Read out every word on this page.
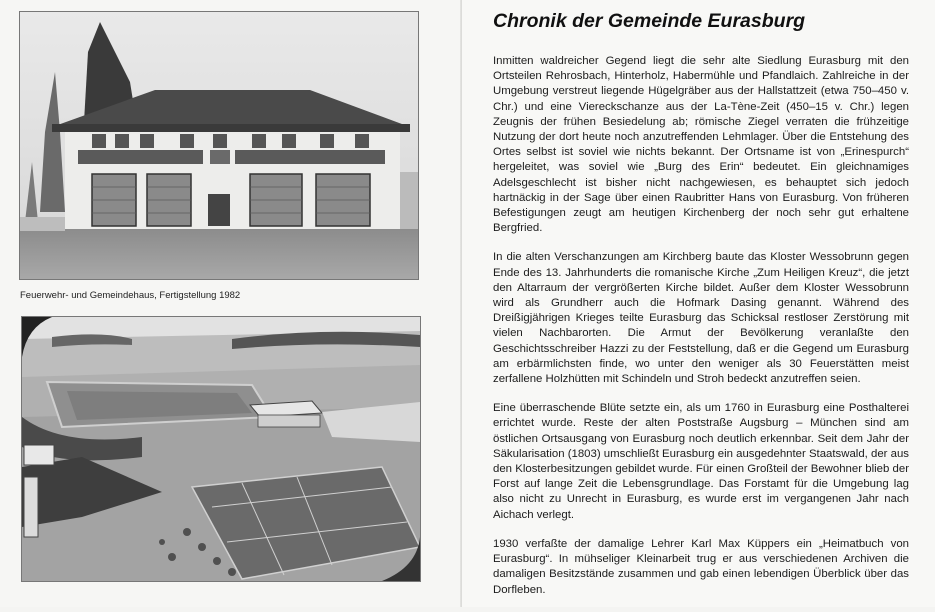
Feuerwehr- und Gemeindehaus, Fertigstellung 1982
Chronik der Gemeinde Eurasburg

Inmitten waldreicher Gegend liegt die sehr alte Siedlung Eurasburg mit den Ortsteilen Rehrosbach, Hinterholz, Habermühle und Pfandlaich. Zahlreiche in der Umgebung verstreut liegende Hügelgräber aus der Hallstattzeit (etwa 750–450 v. Chr.) und eine Viereckschanze aus der La-Tène-Zeit (450–15 v. Chr.) legen Zeugnis der frühen Besiedelung ab; römische Ziegel verraten die frühzeitige Nutzung der dort heute noch anzutreffenden Lehmlager. Über die Entstehung des Ortes selbst ist soviel wie nichts bekannt. Der Ortsname ist von „Erinespurch“ hergeleitet, was soviel wie „Burg des Erin“ bedeutet. Ein gleichnamiges Adelsgeschlecht ist bisher nicht nachgewiesen, es behauptet sich jedoch hartnäckig in der Sage über einen Raubritter Hans von Eurasburg. Von früheren Befestigungen zeugt am heutigen Kirchenberg der noch sehr gut erhaltene Bergfried.

In die alten Verschanzungen am Kirchberg baute das Kloster Wessobrunn gegen Ende des 13. Jahrhunderts die romanische Kirche „Zum Heiligen Kreuz“, die jetzt den Altarraum der vergrößerten Kirche bildet. Außer dem Kloster Wessobrunn wird als Grundherr auch die Hofmark Dasing genannt. Während des Dreißigjährigen Krieges teilte Eurasburg das Schicksal restloser Zerstörung mit vielen Nachbarorten. Die Armut der Bevölkerung veranlaßte den Geschichtsschreiber Hazzi zu der Feststellung, daß er die Gegend um Eurasburg am erbärmlichsten finde, wo unter den weniger als 30 Feuerstätten meist zerfallene Holzhütten mit Schindeln und Stroh bedeckt anzutreffen seien.

Eine überraschende Blüte setzte ein, als um 1760 in Eurasburg eine Posthalterei errichtet wurde. Reste der alten Poststraße Augsburg – München sind am östlichen Ortsausgang von Eurasburg noch deutlich erkennbar. Seit dem Jahr der Säkularisation (1803) umschließt Eurasburg ein ausgedehnter Staatswald, der aus den Klosterbesitzungen gebildet wurde. Für einen Großteil der Bewohner blieb der Forst auf lange Zeit die Lebensgrundlage. Das Forstamt für die Umgebung lag also nicht zu Unrecht in Eurasburg, es wurde erst im vergangenen Jahr nach Aichach verlegt.

1930 verfaßte der damalige Lehrer Karl Max Küppers ein „Heimatbuch von Eurasburg“. In mühseliger Kleinarbeit trug er aus verschiedenen Archiven die damaligen Besitzstände zusammen und gab einen lebendigen Überblick über das Dorfleben.
